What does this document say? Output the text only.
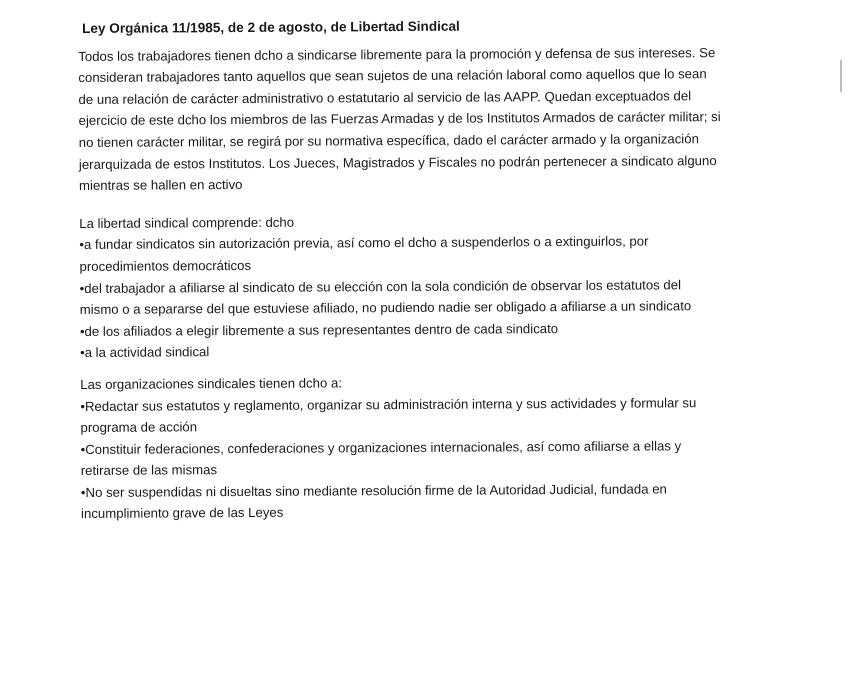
Ley Orgánica 11/1985, de 2 de agosto, de Libertad Sindical
Todos los trabajadores tienen dcho a sindicarse libremente para la promoción y defensa de sus intereses. Se
consideran trabajadores tanto aquellos que sean sujetos de una relación laboral como aquellos que lo sean
de una relación de carácter administrativo o estatutario al servicio de las AAPP. Quedan exceptuados del
ejercicio de este dcho los miembros de las Fuerzas Armadas y de los Institutos Armados de carácter militar; si
no tienen carácter militar, se regirá por su normativa específica, dado el carácter armado y la organización
jerarquizada de estos Institutos. Los Jueces, Magistrados y Fiscales no podrán pertenecer a sindicato alguno
mientras se hallen en activo
La libertad sindical comprende: dcho
•a fundar sindicatos sin autorización previa, así como el dcho a suspenderlos o a extinguirlos, por
procedimientos democráticos
•del trabajador a afiliarse al sindicato de su elección con la sola condición de observar los estatutos del
mismo o a separarse del que estuviese afiliado, no pudiendo nadie ser obligado a afiliarse a un sindicato
•de los afiliados a elegir libremente a sus representantes dentro de cada sindicato
•a la actividad sindical
Las organizaciones sindicales tienen dcho a:
•Redactar sus estatutos y reglamento, organizar su administración interna y sus actividades y formular su
programa de acción
•Constituir federaciones, confederaciones y organizaciones internacionales, así como afiliarse a ellas y
retirarse de las mismas
•No ser suspendidas ni disueltas sino mediante resolución firme de la Autoridad Judicial, fundada en
incumplimiento grave de las Leyes
